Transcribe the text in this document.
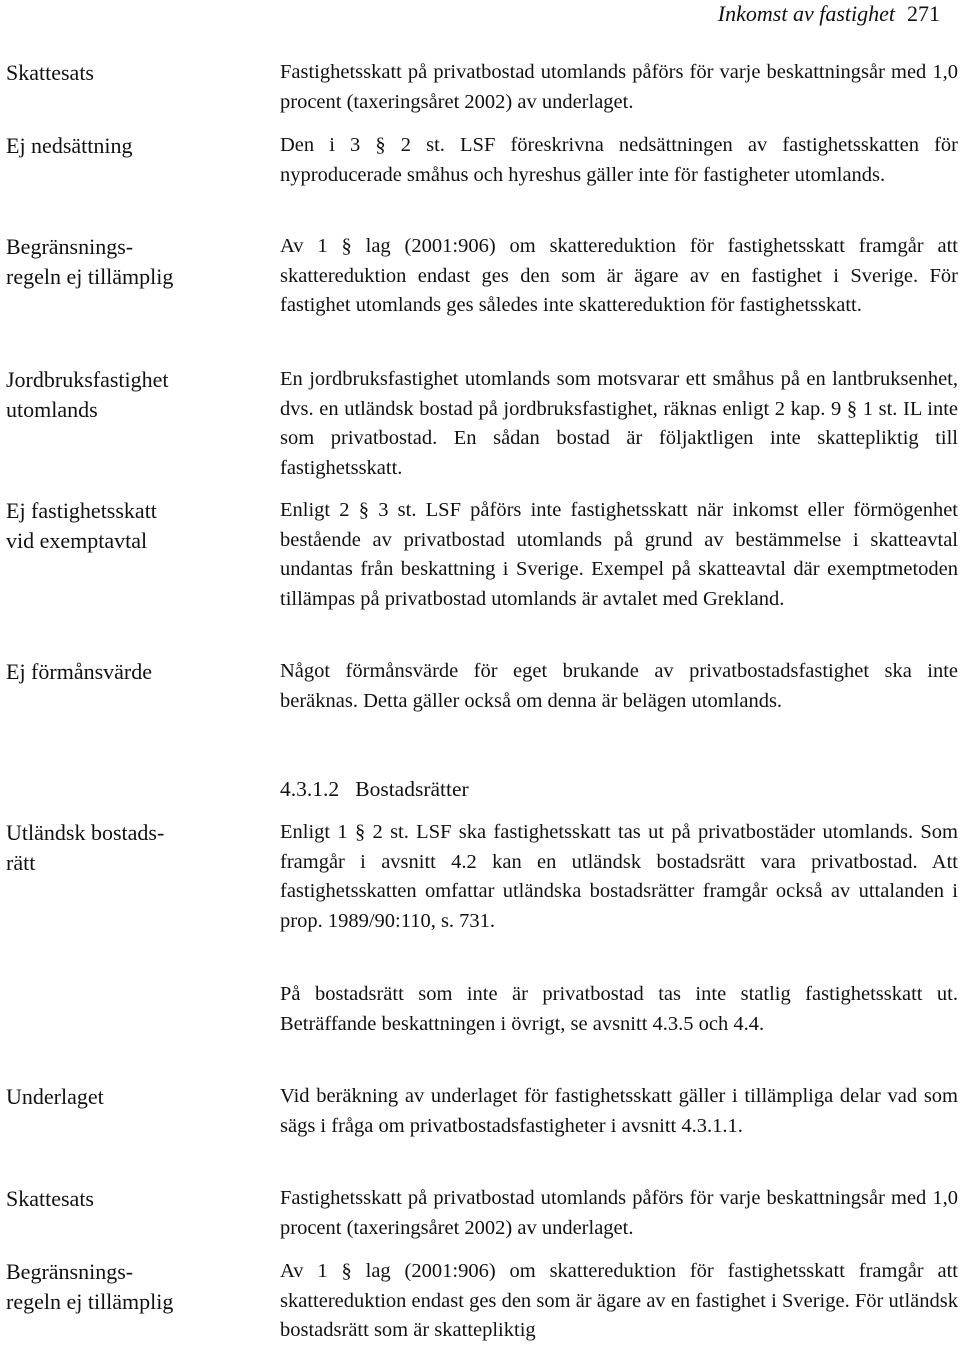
Inkomst av fastighet 271
Skattesats
Ej nedsättning
Begränsnings-
regeln ej tillämplig
Jordbruksfastighet
utomlands
Ej fastighetsskatt
vid exemptavtal
Ej förmånsvärde
Utländsk bostads-
rätt
Underlaget
Skattesats
Begränsnings-
regeln ej tillämplig

Fastighetsskatt på privatbostad utomlands påförs för varje beskattningsår med 1,0 procent (taxeringsåret 2002) av underlaget.

Den i 3 § 2 st. LSF föreskrivna nedsättningen av fastighetsskatten för nyproducerade småhus och hyreshus gäller inte för fastigheter utomlands.

Av 1 § lag (2001:906) om skattereduktion för fastighetsskatt framgår att skattereduktion endast ges den som är ägare av en fastighet i Sverige. För fastighet utomlands ges således inte skattereduktion för fastighetsskatt.

En jordbruksfastighet utomlands som motsvarar ett småhus på en lantbruksenhet, dvs. en utländsk bostad på jordbruksfastighet, räknas enligt 2 kap. 9 § 1 st. IL inte som privatbostad. En sådan bostad är följaktligen inte skattepliktig till fastighetsskatt.

Enligt 2 § 3 st. LSF påförs inte fastighetsskatt när inkomst eller förmögenhet bestående av privatbostad utomlands på grund av bestämmelse i skatteavtal undantas från beskattning i Sverige. Exempel på skatteavtal där exemptmetoden tillämpas på privatbostad utomlands är avtalet med Grekland.

Något förmånsvärde för eget brukande av privatbostadsfastighet ska inte beräknas. Detta gäller också om denna är belägen utomlands.

4.3.1.2 Bostadsrätter

Enligt 1 § 2 st. LSF ska fastighetsskatt tas ut på privatbostäder utomlands. Som framgår i avsnitt 4.2 kan en utländsk bostadsrätt vara privatbostad. Att fastighetsskatten omfattar utländska bostadsrätter framgår också av uttalanden i prop. 1989/90:110, s. 731.

På bostadsrätt som inte är privatbostad tas inte statlig fastighetsskatt ut. Beträffande beskattningen i övrigt, se avsnitt 4.3.5 och 4.4.

Vid beräkning av underlaget för fastighetsskatt gäller i tillämpliga delar vad som sägs i fråga om privatbostadsfastigheter i avsnitt 4.3.1.1.

Fastighetsskatt på privatbostad utomlands påförs för varje beskattningsår med 1,0 procent (taxeringsåret 2002) av underlaget.

Av 1 § lag (2001:906) om skattereduktion för fastighetsskatt framgår att skattereduktion endast ges den som är ägare av en fastighet i Sverige. För utländsk bostadsrätt som är skattepliktig
